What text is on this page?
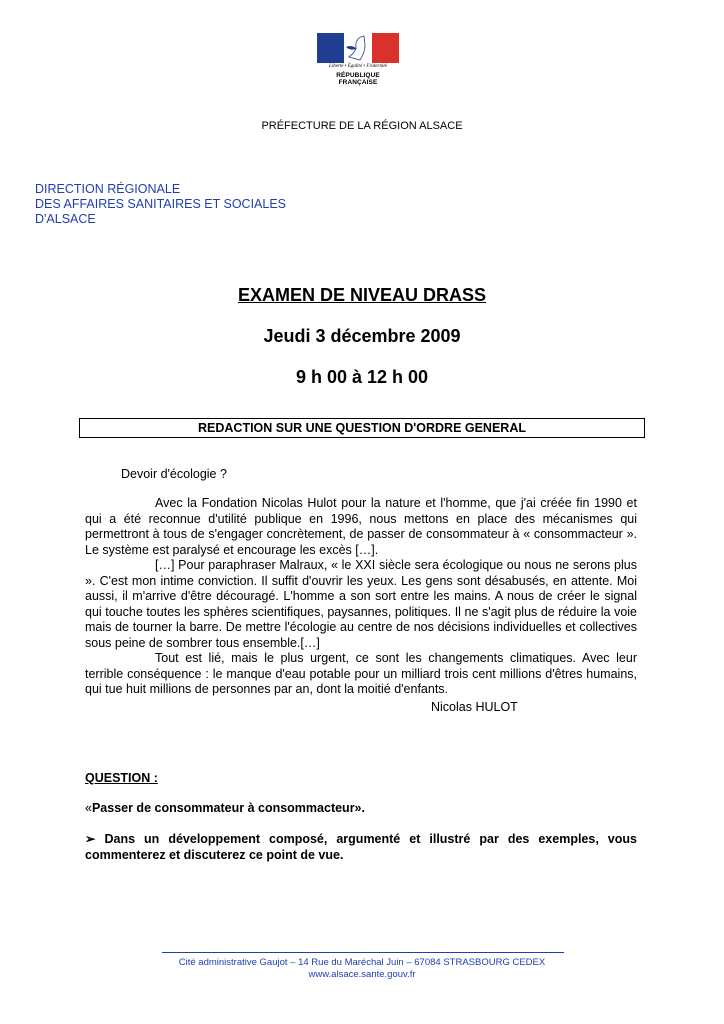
Liberté • Égalité • Fraternité
RÉPUBLIQUE FRANÇAISE
PRÉFECTURE DE LA RÉGION ALSACE
DIRECTION RÉGIONALE
DES AFFAIRES SANITAIRES ET SOCIALES
D'ALSACE
EXAMEN DE NIVEAU DRASS
Jeudi 3 décembre 2009
9 h 00 à 12 h 00
REDACTION SUR UNE QUESTION D'ORDRE GENERAL
Devoir d'écologie ?

Avec la Fondation Nicolas Hulot pour la nature et l'homme, que j'ai créée fin 1990 et qui a été reconnue d'utilité publique en 1996, nous mettons en place des mécanismes qui permettront à tous de s'engager concrètement, de passer de consommateur à « consommacteur ». Le système est paralysé et encourage les excès […].

[…] Pour paraphraser Malraux, « le XXI siècle sera écologique ou nous ne serons plus ». C'est mon intime conviction. Il suffit d'ouvrir les yeux. Les gens sont désabusés, en attente. Moi aussi, il m'arrive d'être découragé. L'homme a son sort entre les mains. A nous de créer le signal qui touche toutes les sphères scientifiques, paysannes, politiques. Il ne s'agit plus de réduire la voie mais de tourner la barre. De mettre l'écologie au centre de nos décisions individuelles et collectives sous peine de sombrer tous ensemble.[…]

Tout est lié, mais le plus urgent, ce sont les changements climatiques. Avec leur terrible conséquence : le manque d'eau potable pour un milliard trois cent millions d'êtres humains, qui tue huit millions de personnes par an, dont la moitié d'enfants.

Nicolas HULOT
QUESTION :
«Passer de consommateur à consommacteur».
➢ Dans un développement composé, argumenté et illustré par des exemples, vous commenterez et discuterez ce point de vue.
Cité administrative Gaujot – 14 Rue du Maréchal Juin – 67084 STRASBOURG CEDEX
www.alsace.sante.gouv.fr
